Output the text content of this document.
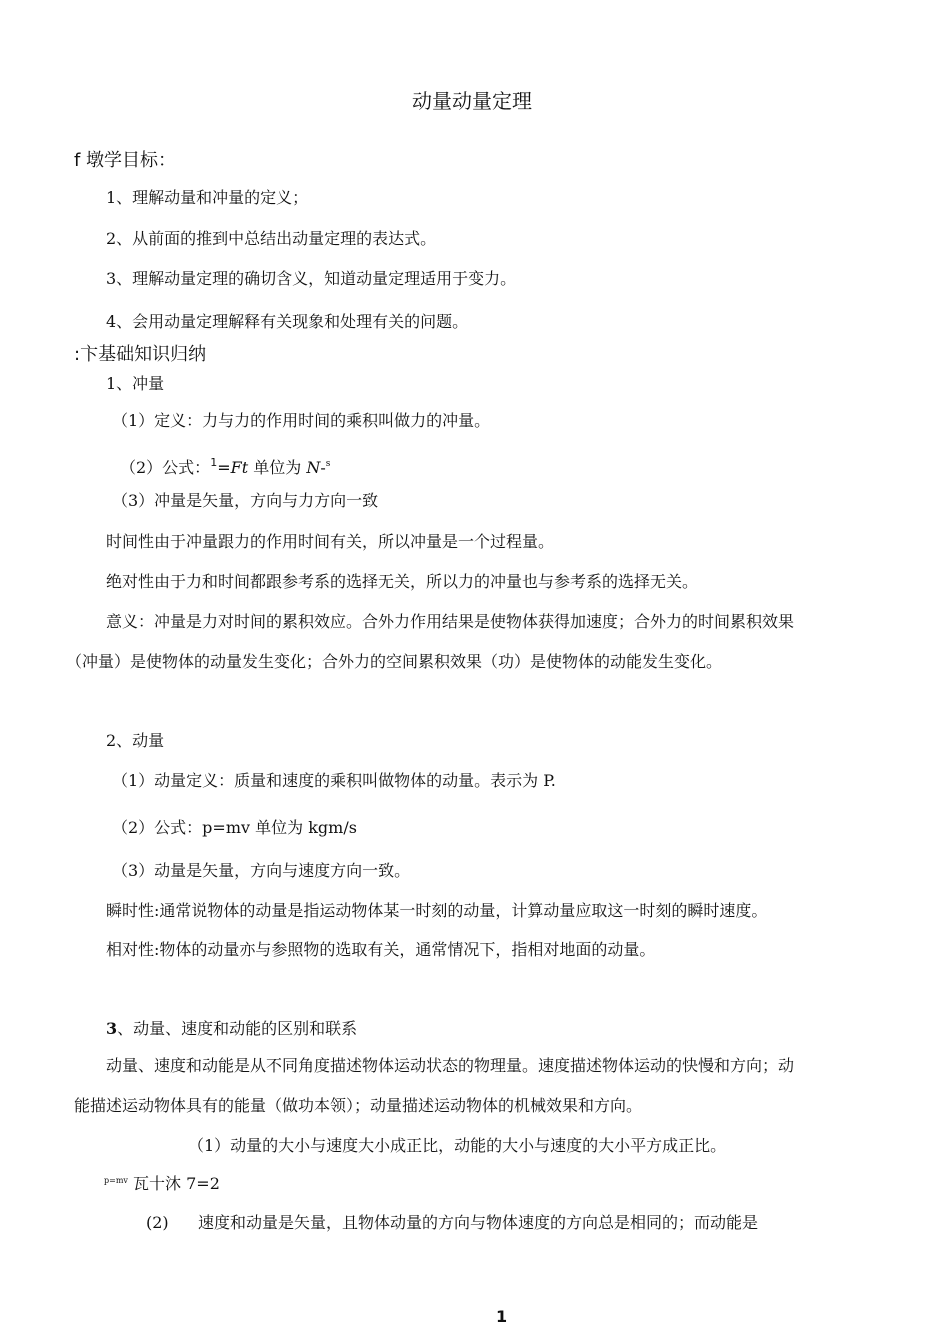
动量动量定理
f 墩学目标：
1、理解动量和冲量的定义；
2、从前面的推到中总结出动量定理的表达式。
3、理解动量定理的确切含义，知道动量定理适用于变力。
4、会用动量定理解释有关现象和处理有关的问题。
:卞基础知识归纳
1、冲量
（1）定义：力与力的作用时间的乘积叫做力的冲量。
（2）公式：$^1$=Ft 单位为 N-$^s$
（3）冲量是矢量，方向与力方向一致
时间性由于冲量跟力的作用时间有关，所以冲量是一个过程量。
绝对性由于力和时间都跟参考系的选择无关，所以力的冲量也与参考系的选择无关。
意义：冲量是力对时间的累积效应。合外力作用结果是使物体获得加速度；合外力的时间累积效果
（冲量）是使物体的动量发生变化；合外力的空间累积效果（功）是使物体的动能发生变化。
2、动量
（1）动量定义：质量和速度的乘积叫做物体的动量。表示为 P.
（2）公式：p=mv 单位为 kgm/s
（3）动量是矢量，方向与速度方向一致。
瞬时性:通常说物体的动量是指运动物体某一时刻的动量，计算动量应取这一时刻的瞬时速度。
相对性:物体的动量亦与参照物的选取有关，通常情况下，指相对地面的动量。
3、动量、速度和动能的区别和联系
动量、速度和动能是从不同角度描述物体运动状态的物理量。速度描述物体运动的快慢和方向；动
能描述运动物体具有的能量（做功本领）；动量描述运动物体的机械效果和方向。
（1）动量的大小与速度大小成正比，动能的大小与速度的大小平方成正比。
$^{p=mv}$ 瓦十沐 7=2
(2) 速度和动量是矢量，且物体动量的方向与物体速度的方向总是相同的；而动能是
1
